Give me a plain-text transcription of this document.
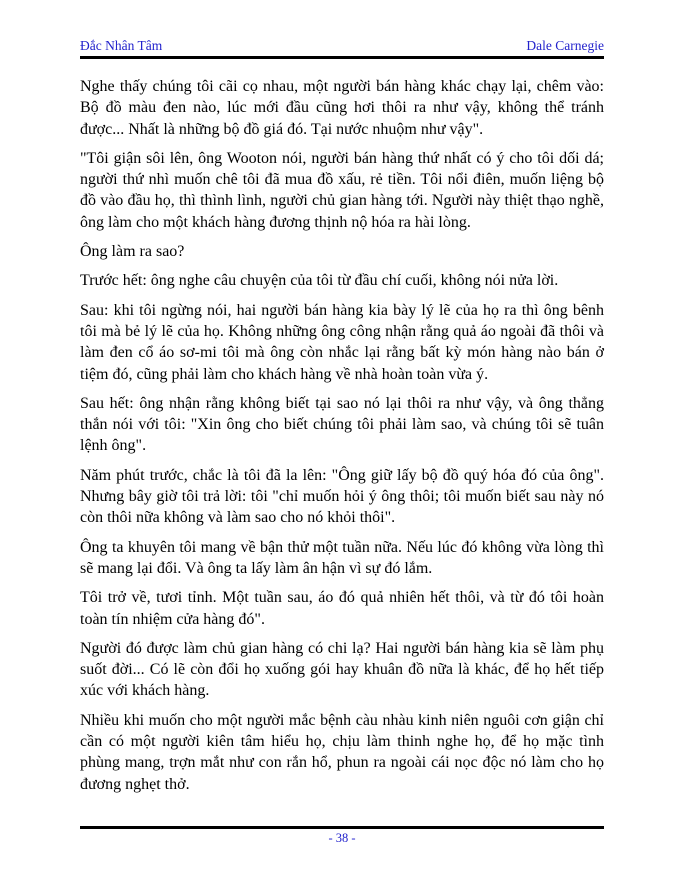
Đắc Nhân Tâm	Dale Carnegie

Nghe thấy chúng tôi cãi cọ nhau, một người bán hàng khác chạy lại, chêm vào: Bộ đồ màu đen nào, lúc mới đầu cũng hơi thôi ra như vậy, không thể tránh được... Nhất là những bộ đồ giá đó. Tại nước nhuộm như vậy".

"Tôi giận sôi lên, ông Wooton nói, người bán hàng thứ nhất có ý cho tôi dối dá; người thứ nhì muốn chê tôi đã mua đồ xấu, rẻ tiền. Tôi nổi điên, muốn liệng bộ đồ vào đầu họ, thì thình lình, người chủ gian hàng tới. Người này thiệt thạo nghề, ông làm cho một khách hàng đương thịnh nộ hóa ra hài lòng.

Ông làm ra sao?

Trước hết: ông nghe câu chuyện của tôi từ đầu chí cuối, không nói nửa lời.

Sau: khi tôi ngừng nói, hai người bán hàng kia bày lý lẽ của họ ra thì ông bênh tôi mà bẻ lý lẽ của họ. Không những ông công nhận rằng quả áo ngoài đã thôi và làm đen cổ áo sơ-mi tôi mà ông còn nhắc lại rằng bất kỳ món hàng nào bán ở tiệm đó, cũng phải làm cho khách hàng về nhà hoàn toàn vừa ý.

Sau hết: ông nhận rằng không biết tại sao nó lại thôi ra như vậy, và ông thẳng thắn nói với tôi: "Xin ông cho biết chúng tôi phải làm sao, và chúng tôi sẽ tuân lệnh ông".

Năm phút trước, chắc là tôi đã la lên: "Ông giữ lấy bộ đồ quý hóa đó của ông". Nhưng bây giờ tôi trả lời: tôi "chỉ muốn hỏi ý ông thôi; tôi muốn biết sau này nó còn thôi nữa không và làm sao cho nó khỏi thôi".

Ông ta khuyên tôi mang về bận thử một tuần nữa. Nếu lúc đó không vừa lòng thì sẽ mang lại đổi. Và ông ta lấy làm ân hận vì sự đó lắm.

Tôi trở về, tươi tỉnh. Một tuần sau, áo đó quả nhiên hết thôi, và từ đó tôi hoàn toàn tín nhiệm cửa hàng đó".

Người đó được làm chủ gian hàng có chi lạ? Hai người bán hàng kia sẽ làm phụ suốt đời... Có lẽ còn đổi họ xuống gói hay khuân đồ nữa là khác, để họ hết tiếp xúc với khách hàng.

Nhiều khi muốn cho một người mắc bệnh càu nhàu kinh niên nguôi cơn giận chỉ cần có một người kiên tâm hiểu họ, chịu làm thinh nghe họ, để họ mặc tình phùng mang, trợn mắt như con rắn hổ, phun ra ngoài cái nọc độc nó làm cho họ đương nghẹt thở.

- 38 -
